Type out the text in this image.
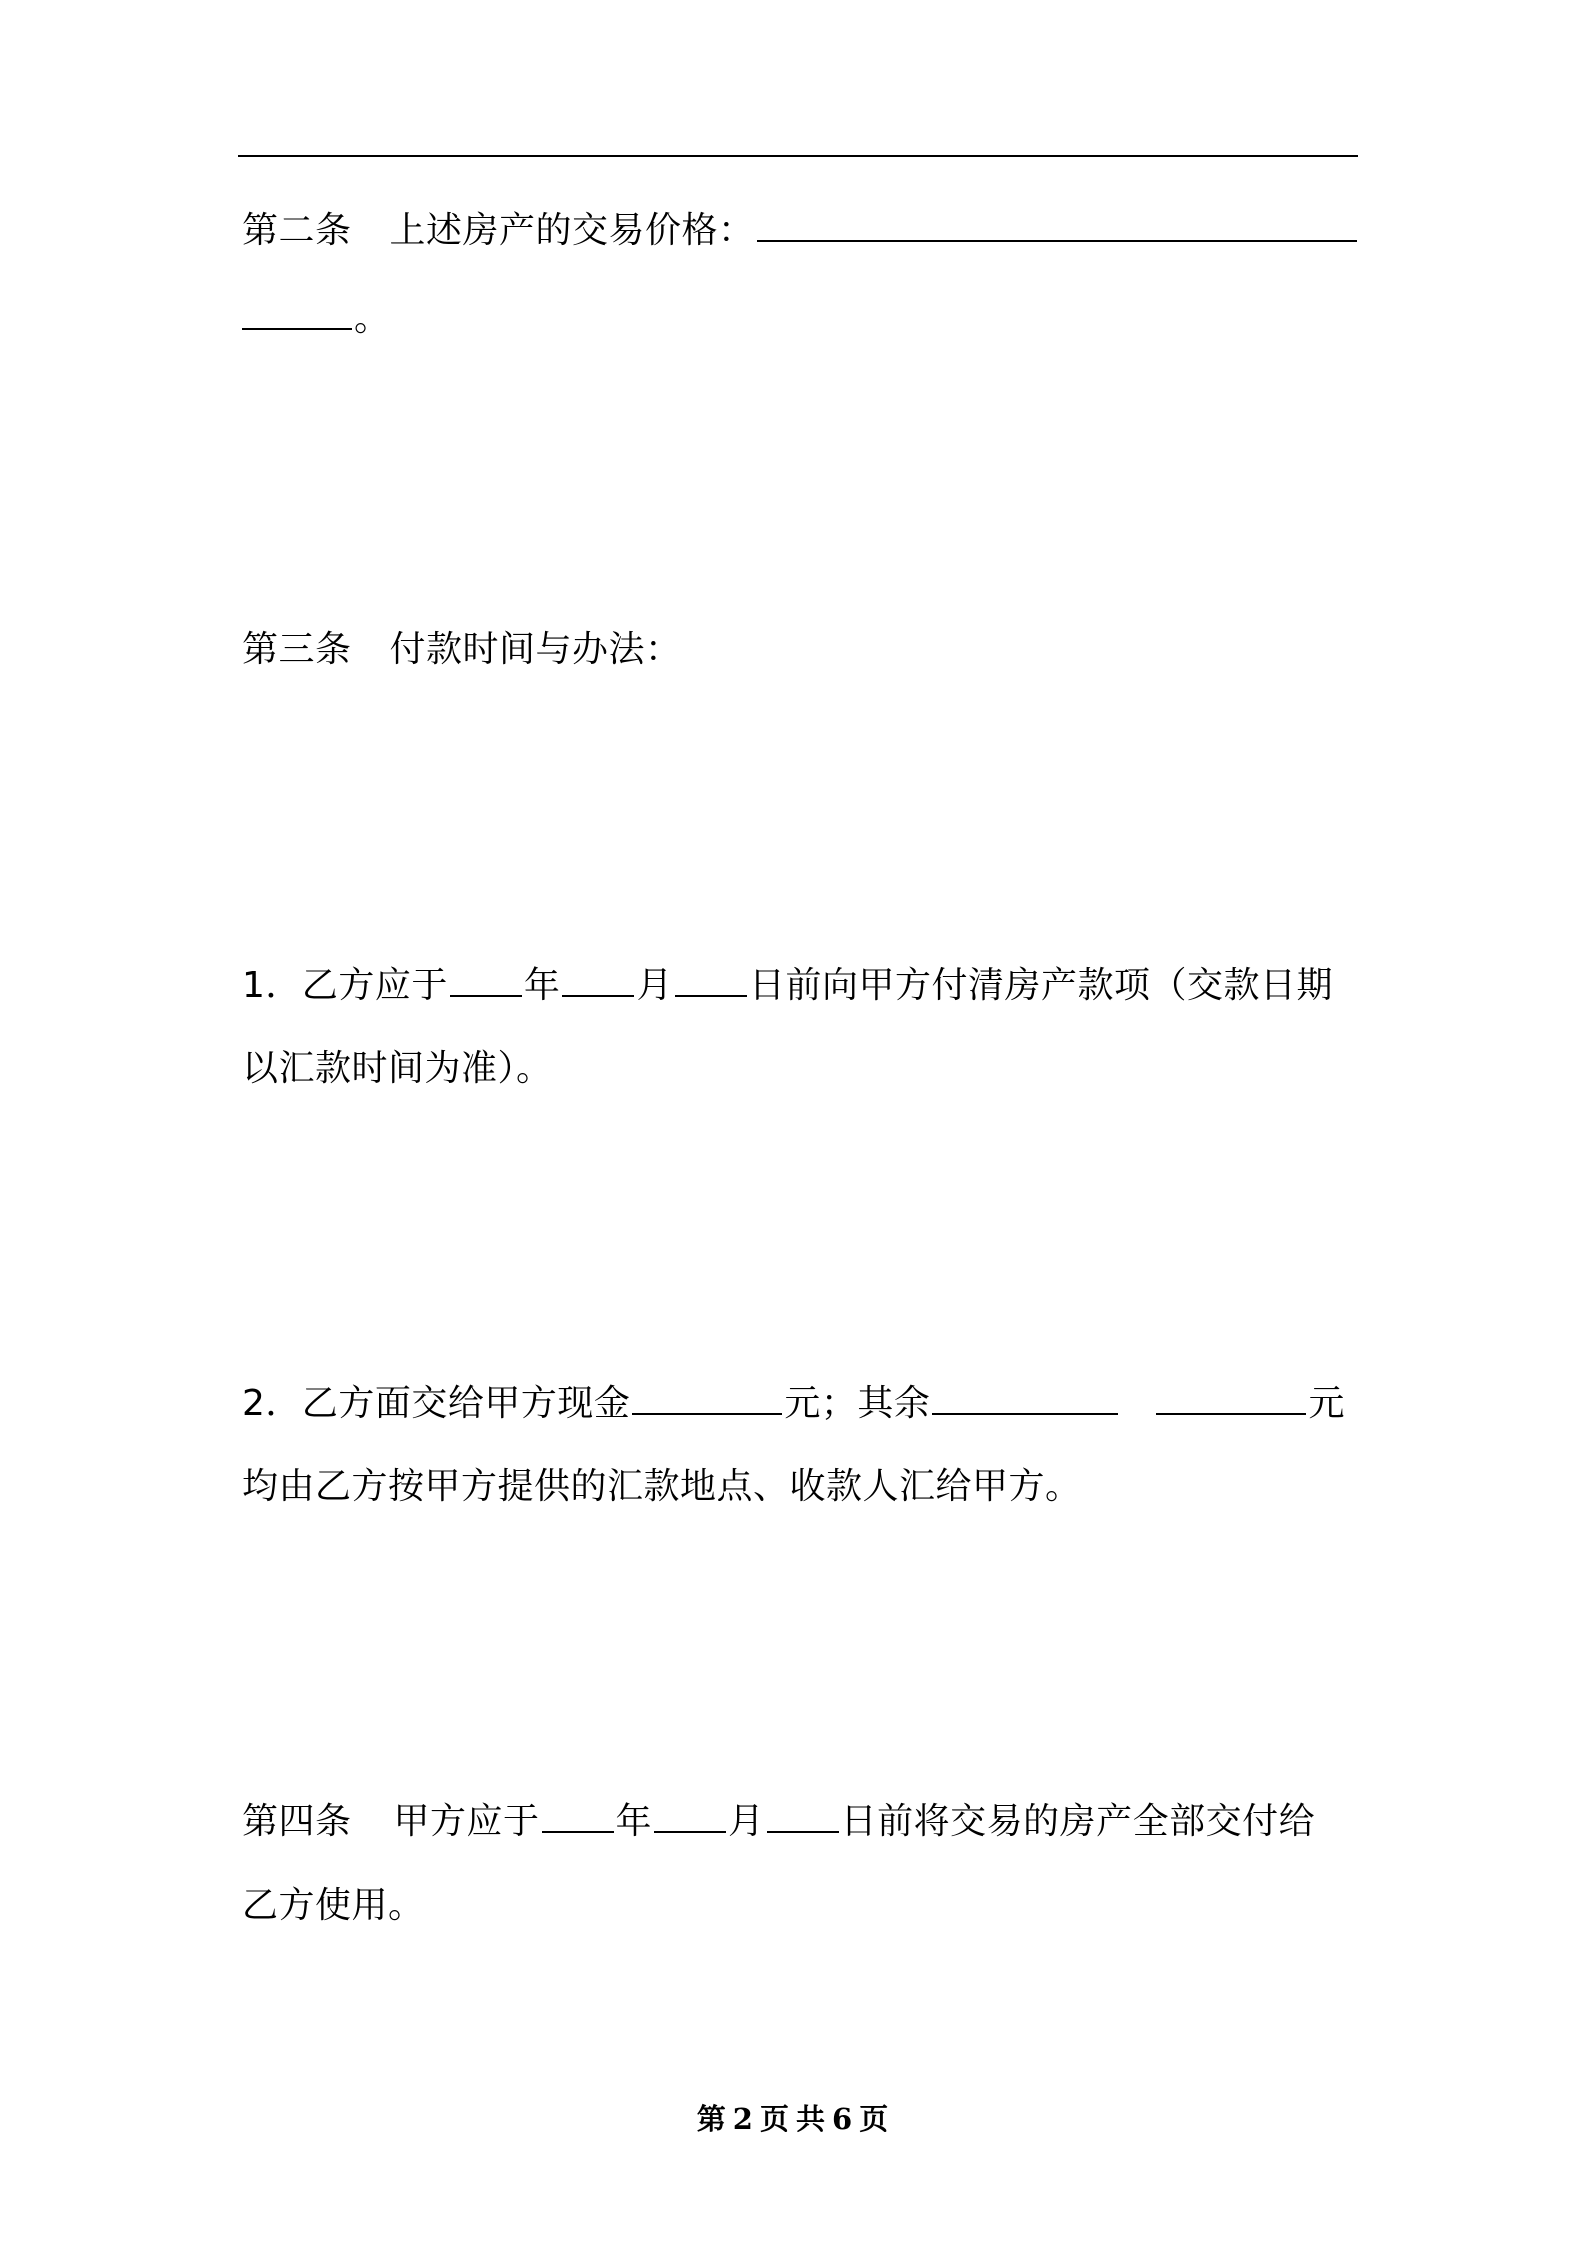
第二条 上述房产的交易价格：
。
第三条 付款时间与办法：
1．乙方应于 年 月 日前向甲方付清房产款项（交款日期
以汇款时间为准）。
2．乙方面交给甲方现金	元；其余	元
均由乙方按甲方提供的汇款地点、收款人汇给甲方。
第四条 甲方应于 年 月 日前将交易的房产全部交付给
乙方使用。
第 2 页 共 6 页
